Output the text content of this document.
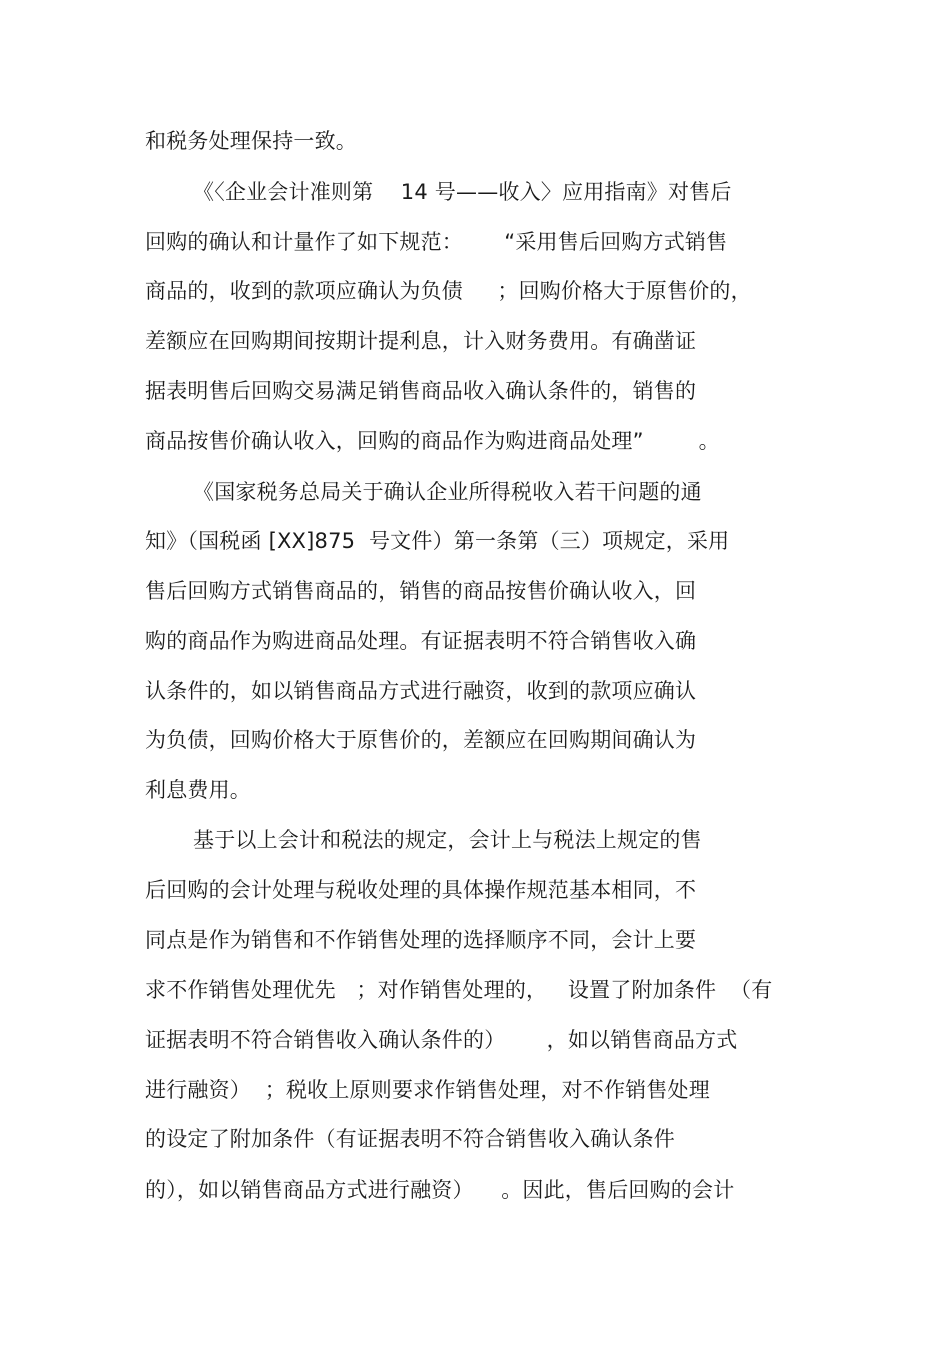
和税务处理保持一致。
《〈企业会计准则第    14 号——收入〉应用指南》对售后
回购的确认和计量作了如下规范：      “采用售后回购方式销售
商品的，收到的款项应确认为负债     ；回购价格大于原售价的，
差额应在回购期间按期计提利息，计入财务费用。有确凿证
据表明售后回购交易满足销售商品收入确认条件的，销售的
商品按售价确认收入，回购的商品作为购进商品处理”        。
《国家税务总局关于确认企业所得税收入若干问题的通
知》（国税函 [XX]875  号文件）第一条第（三）项规定，采用
售后回购方式销售商品的，销售的商品按售价确认收入，回
购的商品作为购进商品处理。有证据表明不符合销售收入确
认条件的，如以销售商品方式进行融资，收到的款项应确认
为负债，回购价格大于原售价的，差额应在回购期间确认为
利息费用。
基于以上会计和税法的规定，会计上与税法上规定的售
后回购的会计处理与税收处理的具体操作规范基本相同，不
同点是作为销售和不作销售处理的选择顺序不同，会计上要
求不作销售处理优先   ；对作销售处理的，   设置了附加条件  （有
证据表明不符合销售收入确认条件的）      ，如以销售商品方式
进行融资）  ；税收上原则要求作销售处理，对不作销售处理
的设定了附加条件（有证据表明不符合销售收入确认条件
的），如以销售商品方式进行融资）    。因此，售后回购的会计
